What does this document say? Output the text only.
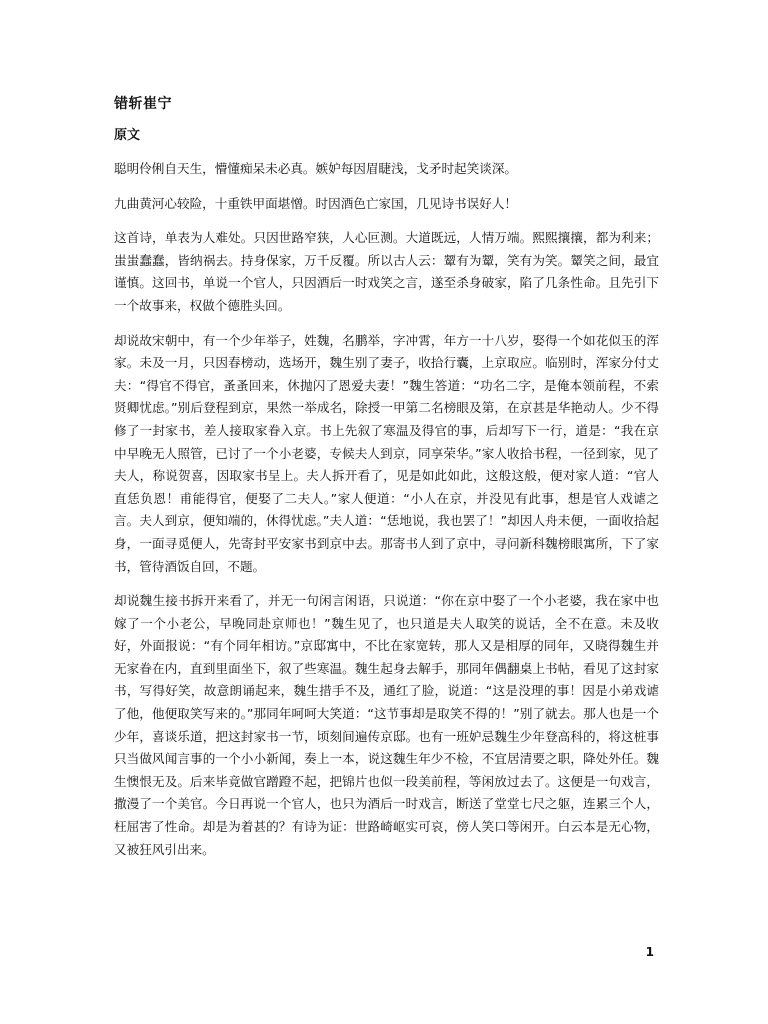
错斩崔宁
原文

聪明伶俐自天生，懵懂痴呆未必真。嫉妒每因眉睫浅，戈矛时起笑谈深。

九曲黄河心较险，十重铁甲面堪憎。时因酒色亡家国，几见诗书误好人！

这首诗，单表为人难处。只因世路窄狭，人心叵测。大道既远，人情万端。熙熙攘攘，都为利来；蚩蚩蠢蠢，皆纳祸去。持身保家，万千反覆。所以古人云：颦有为颦，笑有为笑。颦笑之间，最宜谨慎。这回书，单说一个官人，只因酒后一时戏笑之言，遂至杀身破家，陷了几条性命。且先引下一个故事来，权做个德胜头回。

却说故宋朝中，有一个少年举子，姓魏，名鹏举，字冲霄，年方一十八岁，娶得一个如花似玉的浑家。未及一月，只因春榜动，选场开，魏生别了妻子，收拾行囊，上京取应。临别时，浑家分付丈夫：“得官不得官，蚤蚤回来，休抛闪了恩爱夫妻！”魏生答道：“功名二字，是俺本领前程，不索贤卿忧虑。”别后登程到京，果然一举成名，除授一甲第二名榜眼及第，在京甚是华艳动人。少不得修了一封家书，差人接取家眷入京。书上先叙了寒温及得官的事，后却写下一行，道是：“我在京中早晚无人照管，已讨了一个小老婆，专候夫人到京，同享荣华。”家人收拾书程，一径到家，见了夫人，称说贺喜，因取家书呈上。夫人拆开看了，见是如此如此，这般这般，便对家人道：“官人直恁负恩！甫能得官，便娶了二夫人。”家人便道：“小人在京，并没见有此事，想是官人戏谑之言。夫人到京，便知端的，休得忧虑。”夫人道：“恁地说，我也罢了！”却因人舟未便，一面收拾起身，一面寻觅便人，先寄封平安家书到京中去。那寄书人到了京中，寻问新科魏榜眼寓所，下了家书，管待酒饭自回，不题。

却说魏生接书拆开来看了，并无一句闲言闲语，只说道：“你在京中娶了一个小老婆，我在家中也嫁了一个小老公，早晚同赴京师也！”魏生见了，也只道是夫人取笑的说话，全不在意。未及收好，外面报说：“有个同年相访。”京邸寓中，不比在家宽转，那人又是相厚的同年，又晓得魏生并无家眷在内，直到里面坐下，叙了些寒温。魏生起身去解手，那同年偶翻桌上书帖，看见了这封家书，写得好笑，故意朗诵起来，魏生措手不及，通红了脸，说道：“这是没理的事！因是小弟戏谑了他，他便取笑写来的。”那同年呵呵大笑道：“这节事却是取笑不得的！”别了就去。那人也是一个少年，喜谈乐道，把这封家书一节，顷刻间遍传京邸。也有一班妒忌魏生少年登高科的，将这桩事只当做风闻言事的一个小小新闻，奏上一本，说这魏生年少不检，不宜居清要之职，降处外任。魏生懊恨无及。后来毕竟做官蹭蹬不起，把锦片也似一段美前程，等闲放过去了。这便是一句戏言，撒漫了一个美官。今日再说一个官人，也只为酒后一时戏言，断送了堂堂七尺之躯，连累三个人，枉屈害了性命。却是为着甚的？有诗为证：世路崎岖实可哀，傍人笑口等闲开。白云本是无心物，又被狂风引出来。

1
